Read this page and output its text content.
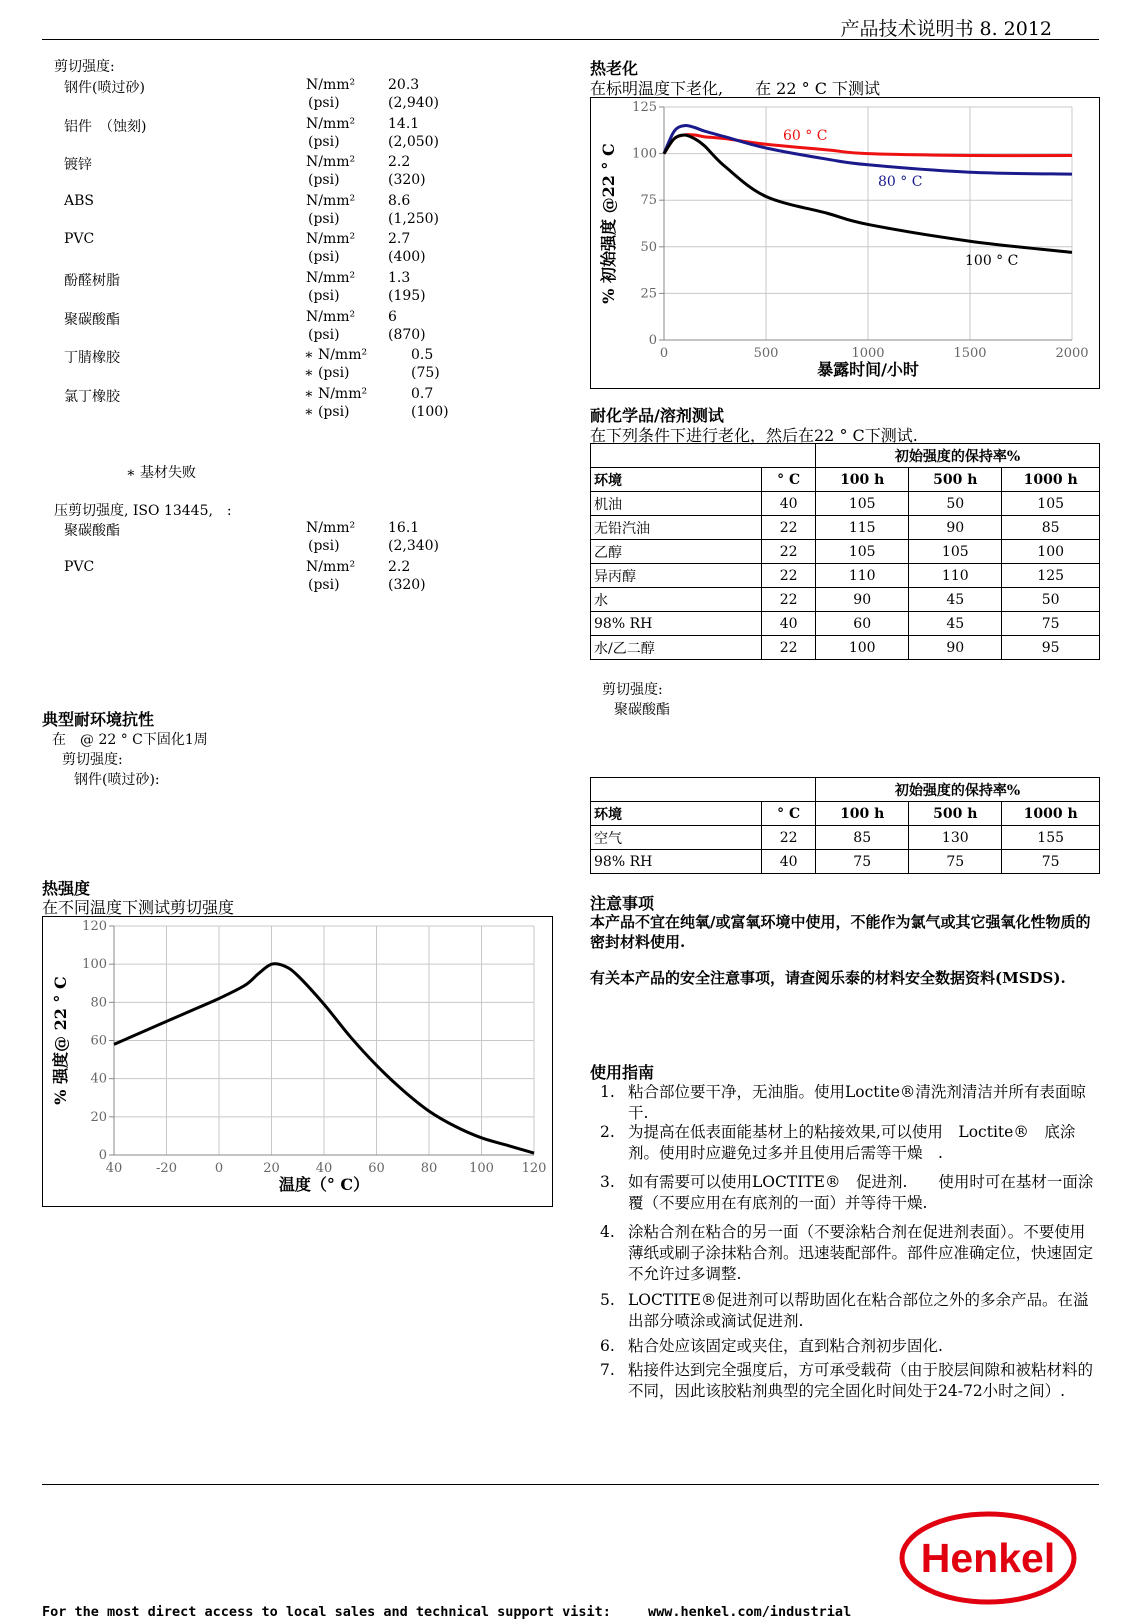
产品技术说明书 8. 2012
剪切强度:
钢件(喷过砂)	N/mm² 20.3
(psi)	(2,940)
铝件　（蚀刻)	N/mm² 14.1
(psi)	(2,050)
镀锌	N/mm² 2.2
(psi)	(320)
ABS	N/mm² 8.6
(psi)	(1,250)
PVC	N/mm² 2.7
(psi)	(400)
酚醛树脂	N/mm² 1.3
(psi)	(195)
聚碳酸酯	N/mm² 6
(psi)	(870)
丁腈橡胶	∗ N/mm²	0.5
∗ (psi)	(75)
氯丁橡胶	∗ N/mm²	0.7
∗ (psi)	(100)
∗ 基材失败
压剪切强度, ISO 13445,　:
聚碳酸酯	N/mm² 16.1
(psi)	(2,340)
PVC	N/mm² 2.2
(psi)	(320)
典型耐环境抗性
在　@ 22 ° C下固化1周
剪切强度:
钢件(喷过砂):
热强度
在不同温度下测试剪切强度
40	-20	0	20	40	60	80 100 120
0
20
40
60
80
100
120
温度（° C）
% 强度@ 22 ° C
热老化
在标明温度下老化,　　在 22 ° C 下测试
0	500	1000	1500	2000
0
25
50
75
100
125
60 ° C
80 ° C
100 ° C
暴露时间/小时
% 初始强度 @22 ° C
耐化学品/溶剂测试
在下列条件下进行老化，然后在22 ° C下测试.
		初始强度的保持率%		
环境	° C	100 h	500 h	1000 h
机油	40	105	50	105
无铅汽油	22	115	90	85
乙醇	22	105	105	100
异丙醇	22	110	110	125
水	22	90	45	50
98% RH	40	60	45	75
水/乙二醇	22	100	90	95
剪切强度:
聚碳酸酯
		初始强度的保持率%		
环境	° C	100 h	500 h	1000 h
空气	22	85	130	155
98% RH	40	75	75	75
注意事项
本产品不宜在纯氧/或富氧环境中使用，不能作为氯气或其它强氧化性物质的密封材料使用.
有关本产品的安全注意事项，请查阅乐泰的材料安全数据资料(MSDS).
使用指南
1. 粘合部位要干净，无油脂。使用Loctite®清洗剂清洁并所有表面晾干.
2. 为提高在低表面能基材上的粘接效果,可以使用　Loctite®　底涂剂。使用时应避免过多并且使用后需等干燥　.
3. 如有需要可以使用LOCTITE®　促进剂.　　使用时可在基材一面涂覆（不要应用在有底剂的一面）并等待干燥.
4. 涂粘合剂在粘合的另一面（不要涂粘合剂在促进剂表面）。不要使用薄纸或刷子涂抹粘合剂。迅速装配部件。部件应准确定位，快速固定不允许过多调整.
5. LOCTITE®促进剂可以帮助固化在粘合部位之外的多余产品。在溢出部分喷涂或滴试促进剂.
6. 粘合处应该固定或夹住，直到粘合剂初步固化.
7. 粘接件达到完全强度后，方可承受载荷（由于胶层间隙和被粘材料的不同，因此该胶粘剂典型的完全固化时间处于24-72小时之间）.
Henkel
For the most direct access to local sales and technical support visit:	www.henkel.com/industrial
